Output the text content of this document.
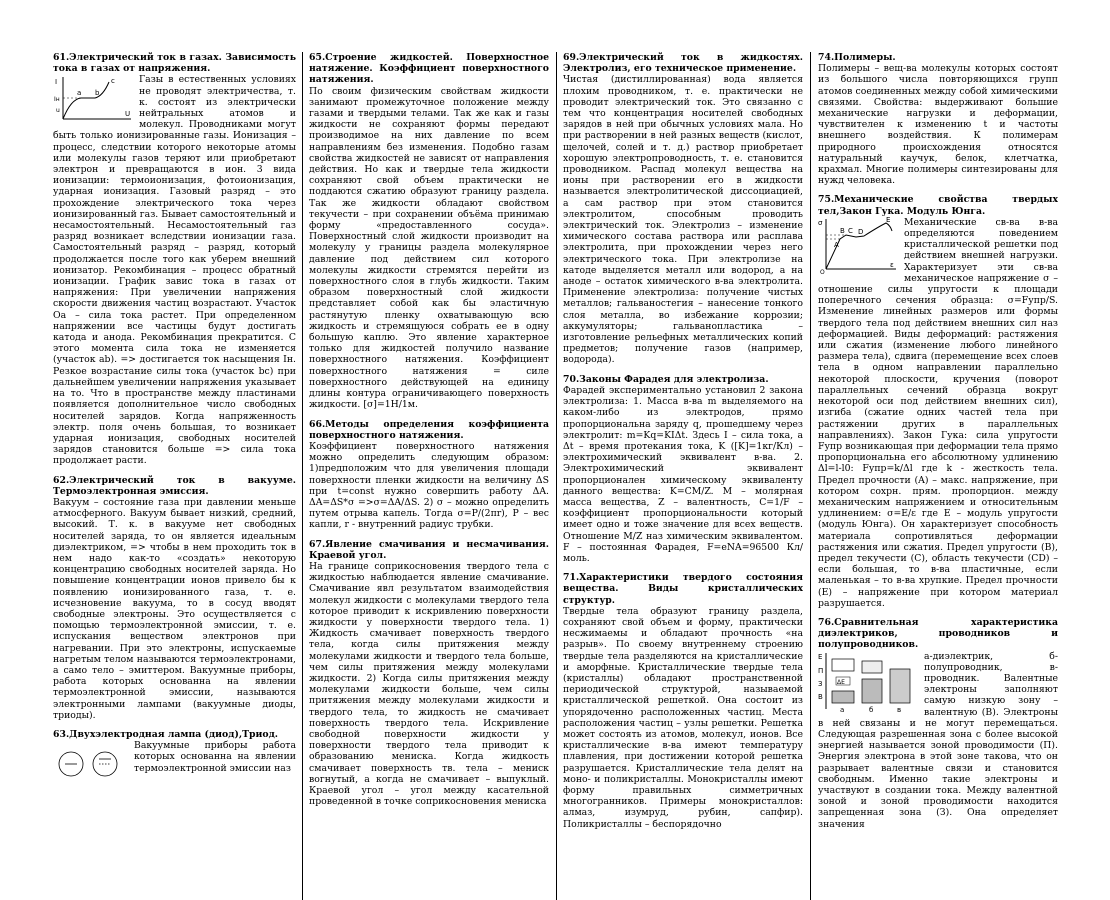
61.Электрический ток в газах. Зависимость тока в газах от напряжения.

I
u
Iн
a b
c
U

Газы в естественных условиях не проводят электричества, т. к. состоят из электрически нейтральных атомов и молекул. Проводниками могут быть только ионизированные газы. Ионизация – процесс, следствии которого некоторые атомы или молекулы газов теряют или приобретают электрон и превращаются в ион. 3 вида ионизации: термоионизация, фотоионизация, ударная ионизация. Газовый разряд – это прохождение электрического тока через ионизированный газ. Бывает самостоятельный и несамостоятельный. Несамостоятельный газ разряд возникает вследствии ионизации газа. Самостоятельный разряд – разряд, который продолжается после того как уберем внешний ионизатор. Рекомбинация – процесс обратный ионизации. График завис тока в газах от напряжения: При увеличении напряжения скорости движения частиц возрастают. Участок Оа – сила тока растет. При определенном напряжении все частицы будут достигать катода и анода. Рекомбинация прекратится. С этого момента сила тока не изменяется (участок аb). => достигается ток насыщения Iн. Резкое возрастание силы тока (участок bc) при дальнейшем увеличении напряжения указывает на то. Что в пространстве между пластинами появляется дополнительное число свободных носителей зарядов. Когда напряженность электр. поля очень большая, то возникает ударная ионизация, свободных носителей зарядов становится больше => сила тока продолжает расти.

62.Электрический ток в вакууме. Термоэлектронная эмиссия.

Вакуум – состояние газа при давлении меньше атмосферного. Вакуум бывает низкий, средний, высокий. Т. к. в вакууме нет свободных носителей заряда, то он является идеальным диэлектриком, => чтобы в нем проходить ток в нем надо как-то «создать» некоторую концентрацию свободных носителей заряда. Но повышение концентрации ионов привело бы к появлению ионизированного газа, т. е. исчезновение вакуума, то в сосуд вводят свободные электроны. Это осуществляется с помощью термоэлектронной эмиссии, т. е. испускания веществом электронов при нагревании. При это электроны, испускаемые нагретым телом называются термоэлектронами, а само тело – эмиттером. Вакуумные приборы, работа которых основанна на явлении термоэлектронной эмиссии, называются электронными лампами (вакуумные диоды, триоды).

63.Двухэлектродная лампа (диод),Триод.

Вакуумные приборы работа которых основанна на явлении термоэлектронной эмиссии наз

65.Строение жидкостей. Поверхностное натяжение. Коэффициент поверхностного натяжения.

По своим физическим свойствам жидкости занимают промежуточное положение между газами и твердыми телами. Так же как и газы жидкости не сохраняют формы передают производимое на них давление по всем направлениям без изменения. Подобно газам свойства жидкостей не зависят от направления действия. Но как и твердые тела жидкости сохраняют свой объем практически не поддаются сжатию образуют границу раздела. Так же жидкости обладают свойством текучести – при сохранении объёма принимаю форму «предоставленного сосуда». Поверхностный слой жидкости производит на молекулу у границы раздела молекулярное давление под действием сил которого молекулы жидкости стремятся перейти из поверхностного слоя в глубь жидкости. Таким образом поверхностный слой жидкости представляет собой как бы эластичную растянутую пленку охватывающую всю жидкость и стремящуюся собрать ее в одну большую каплю. Это явление характерное только для жидкостей получило название поверхностного натяжения. Коэффициент поверхностного натяжения = силе поверхностного действующей на единицу длины контура ограничивающего поверхность жидкости. [σ]=1Н/1м.

66.Методы определения коэффициента поверхностного натяжения.

Коэффициент поверхностного натяжения можно определить следующим образом: 1)предположим что для увеличения площади поверхности пленки жидкости на величину ΔS при t=const нужно совершить работу ΔA. ΔA=ΔS*σ =>σ=ΔA/ΔS. 2) σ – можно определить путем отрыва капель. Тогда σ=P/(2πr), P – вес капли, r - внутренний радиус трубки.

67.Явление смачивания и несмачивания. Краевой угол.

На границе соприкосновения твердого тела с жидкостью наблюдается явление смачивание. Смачивание явл результатом взаимодействия молекул жидкости с молекулами твердого тела которое приводит к искривлению поверхности жидкости у поверхности твердого тела. 1) Жидкость смачивает поверхность твердого тела, когда силы притяжения между молекулами жидкости и твердого тела больше, чем силы притяжения между молекулами жидкости. 2) Когда силы притяжения между молекулами жидкости больше, чем силы притяжения между молекулами жидкости и твердого тела, то жидкость не смачивает поверхность твердого тела. Искривление свободной поверхности жидкости у поверхности твердого тела приводит к образованию мениска. Когда жидкость смачивает поверхность тв. тела – мениск вогнутый, а когда не смачивает – выпуклый. Краевой угол – угол между касательной проведенной в точке соприкосновения мениска

69.Электрический ток в жидкостях. Электролиз, его техническое применение.

Чистая (дистиллированная) вода является плохим проводником, т. е. практически не проводит электрический ток. Это связанно с тем что концентрация носителей свободных зарядов в ней при обычных условиях мала. Но при растворении в ней разных веществ (кислот, щелочей, солей и т. д.) раствор приобретает хорошую электропроводность, т. е. становится проводником. Распад молекул вещества на ионы при растворении его в жидкости называется электролитической диссоциацией, а сам раствор при этом становится электролитом, способным проводить электрический ток. Электролиз – изменение химического состава раствора или расплава электролита, при прохождении через него электрического тока. При электролизе на катоде выделяется металл или водород, а на аноде – остаток химического в-ва электролита. Применение электролиза: получение чистых металлов; гальваностегия – нанесение тонкого слоя металла, во избежание коррозии; аккумуляторы; гальванопластика – изготовление рельефных металлических копий предметов; получение газов (например, водорода).

70.Законы Фарадея для электролиза.

Фарадей экспериментально установил 2 закона электролиза: 1. Масса в-ва m выделяемого на каком-либо из электродов, прямо пропорциональна заряду q, прошедшему через электролит: m=Kq=KIΔt. Здесь I – сила тока, а Δt – время протекания тока, K ([K]=1кг/Кл) – электрохимический эквивалент в-ва. 2. Электрохимический эквивалент пропорционален химическому эквиваленту данного вещества: K=CM/Z. M – молярная масса вещества, Z – валентность, C=1/F – коэффициент пропорциональности который имеет одно и тоже значение для всех веществ. Отношение M/Z наз химическим эквивалентом. F – постоянная Фарадея, F=eNA=96500 Кл/моль.

71.Характеристики твердого состояния вещества. Виды кристаллических структур.

Твердые тела образуют границу раздела, сохраняют свой объем и форму, практически несжимаемы и обладают прочность «на разрыв». По своему внутреннему строению твердые тела разделяются на кристаллические и аморфные. Кристаллические твердые тела (кристаллы) обладают пространственной периодической структурой, называемой кристаллической решеткой. Она состоит из упорядоченно расположенных частиц. Места расположения частиц – узлы решетки. Решетка может состоять из атомов, молекул, ионов. Все кристаллические в-ва имеют температуру плавления, при достижении которой решетка разрушается. Кристаллические тела делят на моно- и поликристаллы. Монокристаллы имеют форму правильных симметричных многогранников. Примеры монокристаллов: алмаз, изумруд, рубин, сапфир). Поликристаллы – беспорядочно

74.Полимеры.

Полимеры – вещ-ва молекулы которых состоят из большого числа повторяющихся групп атомов соединенных между собой химическими связями. Свойства: выдерживают большие механические нагрузки и деформации, чувствителен к изменению t и частоты внешнего воздействия. К полимерам природного происхождения относятся натуральный каучук, белок, клетчатка, крахмал. Многие полимеры синтезированы для нужд человека.

75.Механические свойства твердых тел,Закон Гука. Модуль Юнга.

σ	E
C D
A
B
O
ε

Механические св-ва в-ва определяются поведением кристаллической решетки под действием внешней нагрузки. Характеризует эти св-ва механическое напряжение σ – отношение силы упругости к площади поперечного сечения образца: σ=Fупр/S. Изменение линейных размеров или формы твердого тела под действием внешних сил наз деформацией. Виды деформаций: растяжения или сжатия (изменение любого линейного размера тела), сдвига (перемещение всех слоев тела в одном направлении параллельно некоторой плоскости, кручения (поворот параллельных сечений образца вокруг некоторой оси под действием внешних сил), изгиба (сжатие одних частей тела при растяжении других в параллельных направлениях). Закон Гука: сила упругости Fупр возникающая при деформации тела прямо пропорциональна его абсолютному удлинению Δl=l-l0: Fупр=k/Δl где k - жесткость тела. Предел прочности (A) – макс. напряжение, при котором сохрн. прям. пропорцион. между механическим напряжением и относительным удлинением: σ=E/ε где E – модуль упругости (модуль Юнга). Он характеризует способность материала сопротивляться деформации растяжения или сжатия. Предел упругости (B), предел текучести (C), область текучести (CD) – если большая, то в-ва пластичные, если маленькая – то в-ва хрупкие. Предел прочности (E) – напряжение при котором материал разрушается.

76.Сравнительная характеристика диэлектриков, проводников и полупроводников.

E
П
З
В
ΔE
а	б	в

а-диэлектрик, б-полупроводник, в-проводник. Валентные электроны заполняют самую низкую зону – валентную (В). Электроны в ней связаны и не могут перемещаться. Следующая разрешенная зона с более высокой энергией называется зоной проводимости (П). Энергия электрона в этой зоне такова, что он разрывает валентные связи и становится свободным. Именно такие электроны и участвуют в создании тока. Между валентной зоной и зоной проводимости находится запрещенная зона (З). Она определяет значения
